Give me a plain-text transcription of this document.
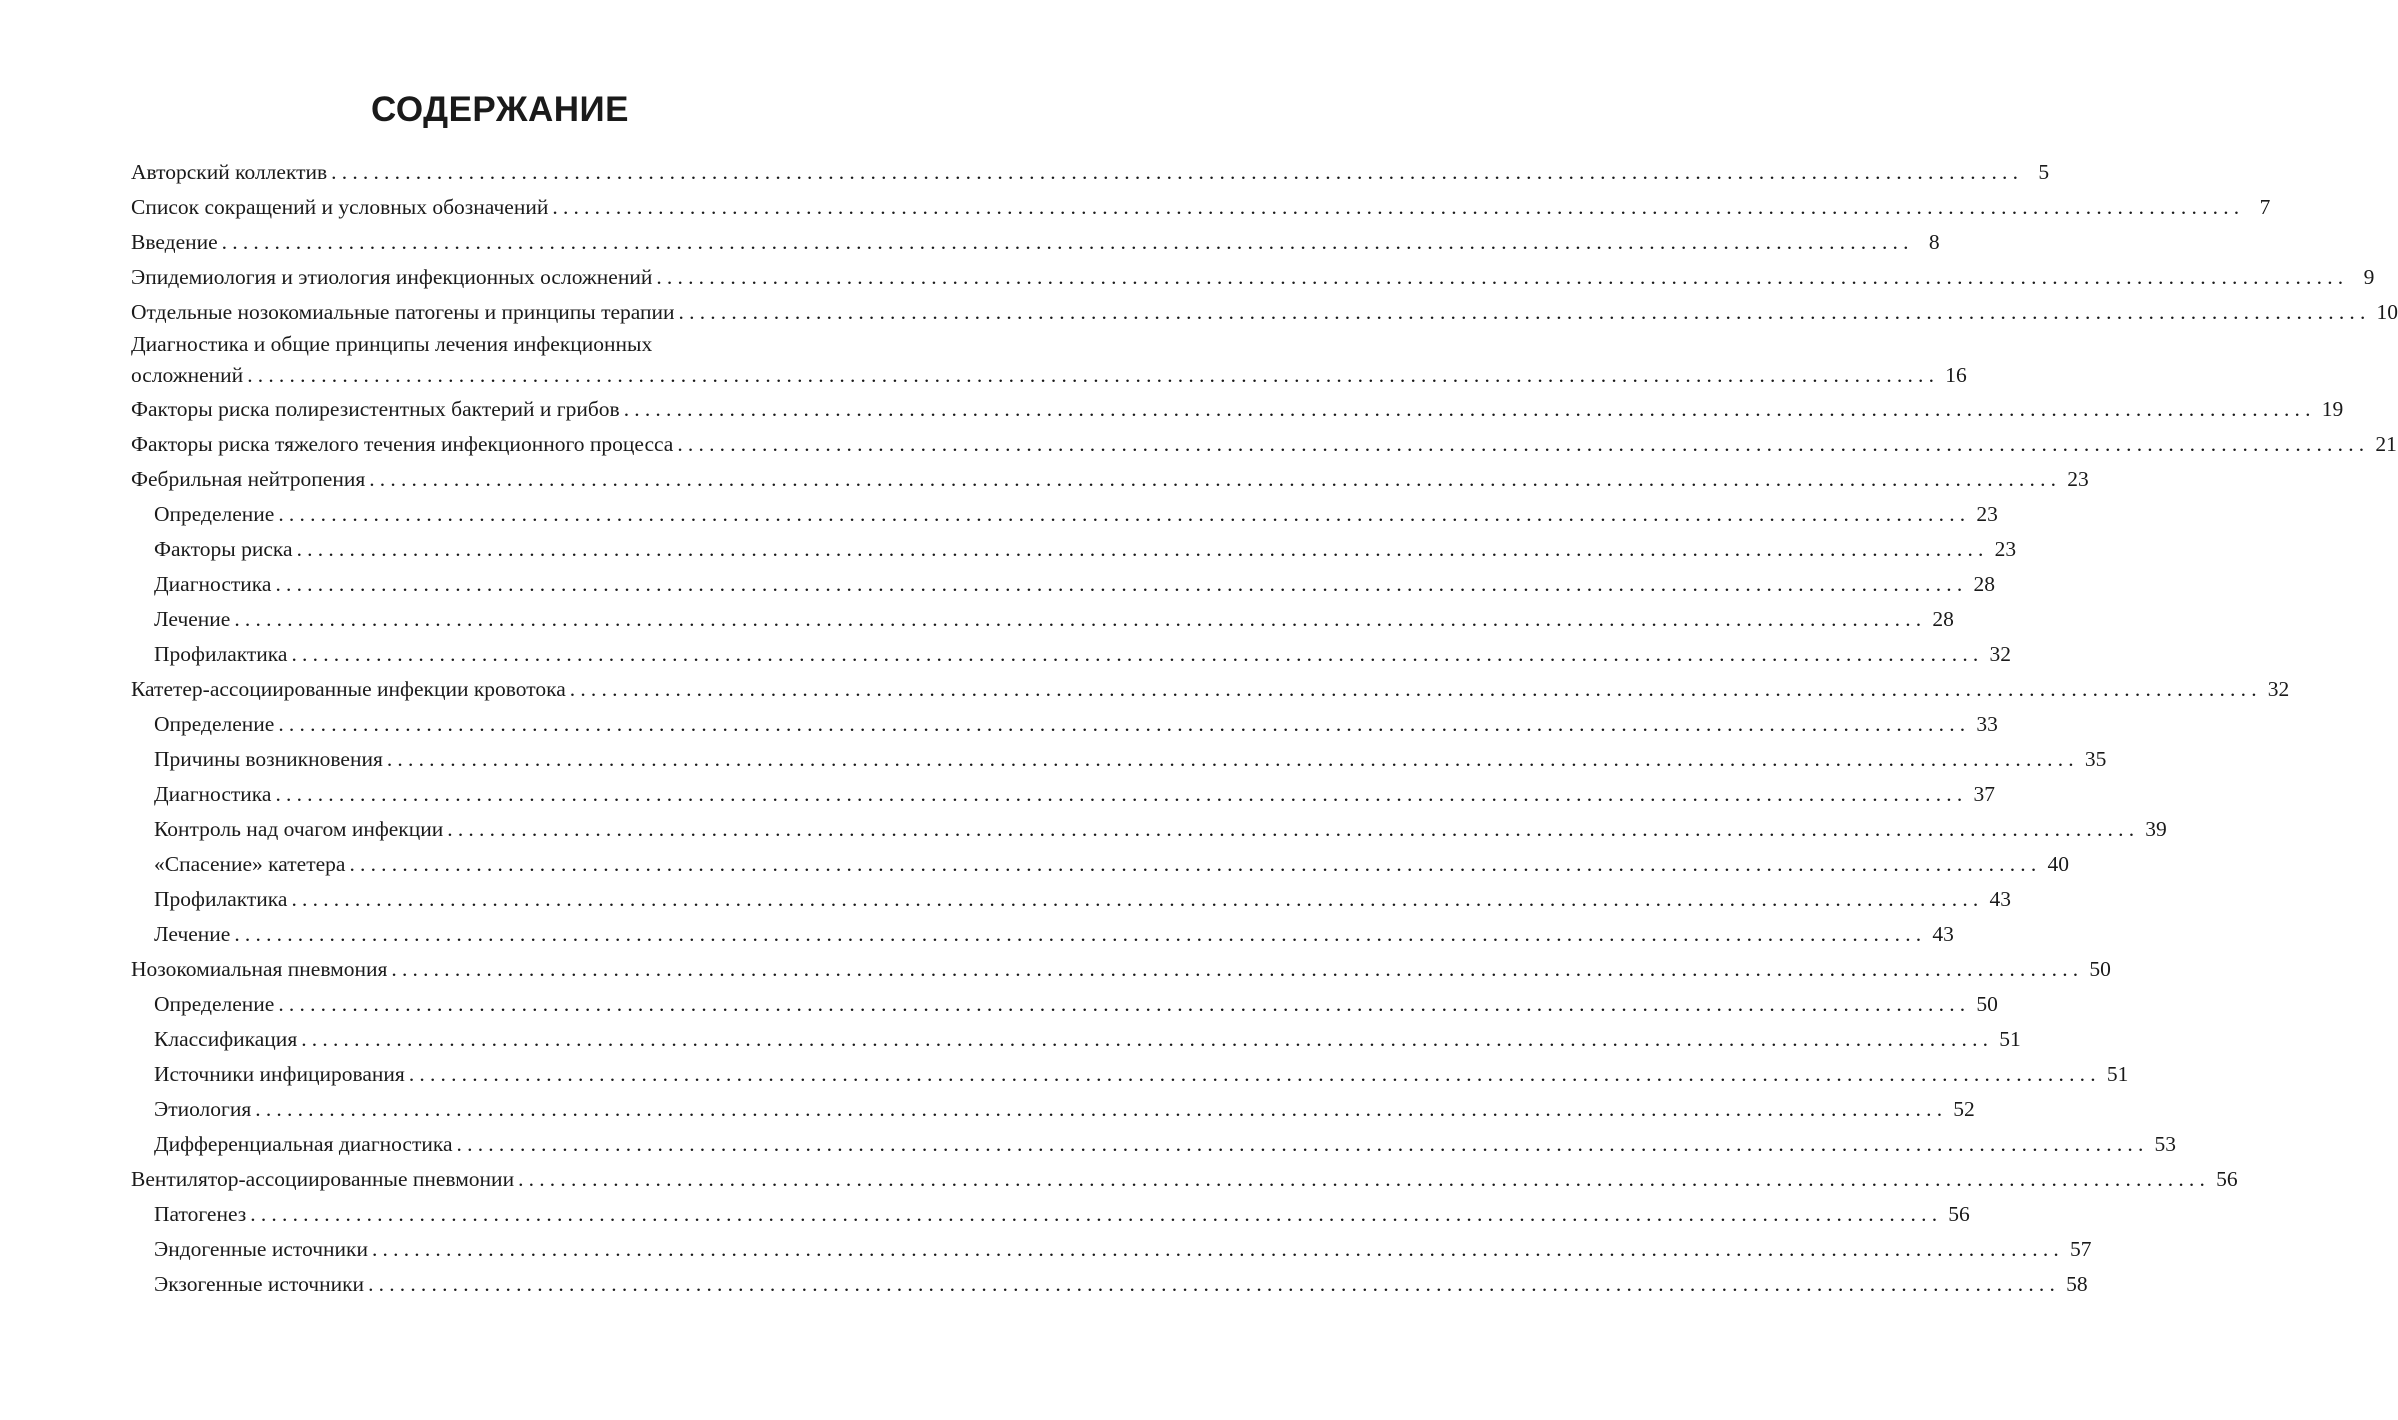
СОДЕРЖАНИЕ
Авторский коллектив ................................................................................................................................................................ 5
Список сокращений и условных обозначений ................................................................................................................................................................ 7
Введение ................................................................................................................................................................ 8
Эпидемиология и этиология инфекционных осложнений ................................................................................................................................................................ 9
Отдельные нозокомиальные патогены и принципы терапии ................................................................................................................................................................ 10
Диагностика и общие принципы лечения инфекционных
осложнений ................................................................................................................................................................ 16
Факторы риска полирезистентных бактерий и грибов ................................................................................................................................................................ 19
Факторы риска тяжелого течения инфекционного процесса ................................................................................................................................................................ 21
Фебрильная нейтропения ................................................................................................................................................................ 23
Определение ................................................................................................................................................................ 23
Факторы риска ................................................................................................................................................................ 23
Диагностика ................................................................................................................................................................ 28
Лечение ................................................................................................................................................................ 28
Профилактика ................................................................................................................................................................ 32
Катетер-ассоциированные инфекции кровотока ................................................................................................................................................................ 32
Определение ................................................................................................................................................................ 33
Причины возникновения ................................................................................................................................................................ 35
Диагностика ................................................................................................................................................................ 37
Контроль над очагом инфекции ................................................................................................................................................................ 39
«Спасение» катетера ................................................................................................................................................................ 40
Профилактика ................................................................................................................................................................ 43
Лечение ................................................................................................................................................................ 43
Нозокомиальная пневмония ................................................................................................................................................................ 50
Определение ................................................................................................................................................................ 50
Классификация ................................................................................................................................................................ 51
Источники инфицирования ................................................................................................................................................................ 51
Этиология ................................................................................................................................................................ 52
Дифференциальная диагностика ................................................................................................................................................................ 53
Вентилятор-ассоциированные пневмонии ................................................................................................................................................................ 56
Патогенез ................................................................................................................................................................ 56
Эндогенные источники ................................................................................................................................................................ 57
Экзогенные источники ................................................................................................................................................................ 58
